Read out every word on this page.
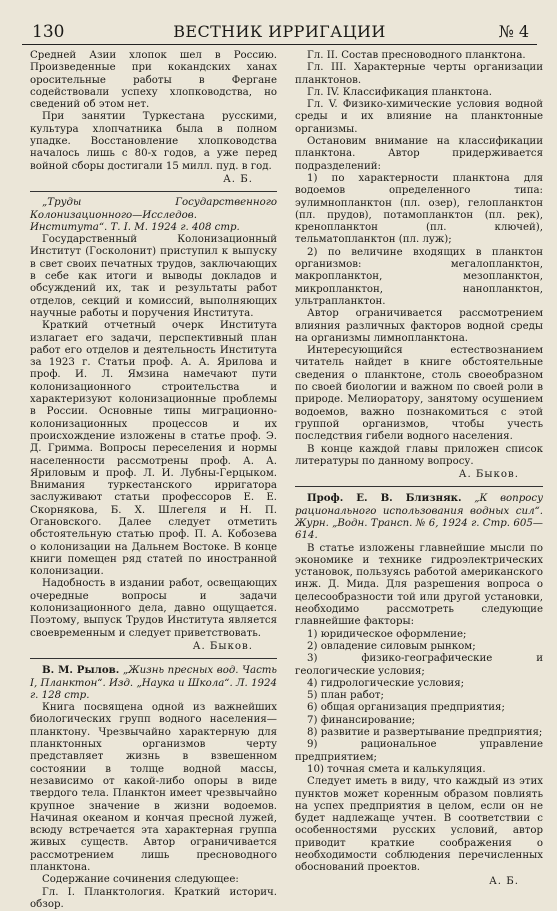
130	ВЕСТНИК ИРРИГАЦИИ	№ 4

Средней Азии хлопок шел в Россию. Произведенные при кокандских ханах оросительные работы в Фергане содействовали успеху хлопководства, но сведений об этом нет.

При занятии Туркестана русскими, культура хлопчатника была в полном упадке. Восстановление хлопководства началось лишь с 80-х годов, а уже перед войной сборы достигали 15 милл. пуд. в год.

А. Б.

„Труды Государственного Колонизационного—Исследов. Института“. Т. I. М. 1924 г. 408 стр.

Государственный Колонизационный Институт (Госколонит) приступил к выпуску в свет своих печатных трудов, заключающих в себе как итоги и выводы докладов и обсуждений их, так и результаты работ отделов, секций и комиссий, выполняющих научные работы и поручения Института.

Краткий отчетный очерк Института излагает его задачи, перспективный план работ его отделов и деятельность Института за 1923 г. Статьи проф. А. А. Ярилова и проф. И. Л. Ямзина намечают пути колонизационного строительства и характеризуют колонизационные проблемы в России. Основные типы миграционно-колонизационных процессов и их происхождение изложены в статье проф. Э. Д. Гримма. Вопросы переселения и нормы населенности рассмотрены проф. А. А. Яриловым и проф. Л. И. Лубны-Герцыком. Внимания туркестанского ирригатора заслуживают статьи профессоров Е. Е. Скорнякова, Б. Х. Шлегеля и Н. П. Огановского. Далее следует отметить обстоятельную статью проф. П. А. Кобозева о колонизации на Дальнем Востоке. В конце книги помещен ряд статей по иностранной колонизации.

Надобность в издании работ, освещающих очередные вопросы и задачи колонизационного дела, давно ощущается. Поэтому, выпуск Трудов Института является своевременным и следует приветствовать.

А. Быков.

В. М. Рылов. „Жизнь пресных вод. Часть I, Планктон“. Изд. „Наука и Школа“. Л. 1924 г. 128 стр.

Книга посвящена одной из важнейших биологических групп водного населения—планктону. Чрезвычайно характерную для планктонных организмов черту представляет жизнь в взвешенном состоянии в толще водной массы, независимо от какой-либо опоры в виде твердого тела. Планктон имеет чрезвычайно крупное значение в жизни водоемов. Начиная океаном и кончая пресной лужей, всюду встречается эта характерная группа живых существ. Автор ограничивается рассмотрением лишь пресноводного планктона.

Содержание сочинения следующее:

Гл. I. Планктология. Краткий историч. обзор.

Гл. II. Состав пресноводного планктона.

Гл. III. Характерные черты организации планктонов.

Гл. IV. Классификация планктона.

Гл. V. Физико-химические условия водной среды и их влияние на планктонные организмы.

Остановим внимание на классификации планктона. Автор придерживается подразделений:

1) по характерности планктона для водоемов определенного типа: эулимнопланктон (пл. озер), гелопланктон (пл. прудов), потамопланктон (пл. рек), кренопланктон (пл. ключей), тельматопланктон (пл. луж);

2) по величине входящих в планктон организмов: мегалопланктон, макропланктон, мезопланктон, микропланктон, нанопланктон, ультрапланктон.

Автор ограничивается рассмотрением влияния различных факторов водной среды на организмы лимнопланктона.

Интересующийся естествознанием читатель найдет в книге обстоятельные сведения о планктоне, столь своеобразном по своей биологии и важном по своей роли в природе. Мелиоратору, занятому осушением водоемов, важно познакомиться с этой группой организмов, чтобы учесть последствия гибели водного населения.

В конце каждой главы приложен список литературы по данному вопросу.

А. Быков.

Проф. Е. В. Близняк. „К вопросу рационального использования водных сил“. Журн. „Водн. Трансп. № 6, 1924 г. Стр. 605—614.

В статье изложены главнейшие мысли по экономике и технике гидроэлектрических установок, пользуясь работой американского инж. Д. Мида. Для разрешения вопроса о целесообразности той или другой установки, необходимо рассмотреть следующие главнейшие факторы:

1) юридическое оформление;

2) овладение силовым рынком;

3) физико-географические и геологические условия;

4) гидрологические условия;

5) план работ;

6) общая организация предприятия;

7) финансирование;

8) развитие и развертывание предприятия;

9) рациональное управление предприятием;

10) точная смета и калькуляция.

Следует иметь в виду, что каждый из этих пунктов может коренным образом повлиять на успех предприятия в целом, если он не будет надлежаще учтен. В соответствии с особенностями русских условий, автор приводит краткие соображения о необходимости соблюдения перечисленных обоснований проектов.

А. Б.
